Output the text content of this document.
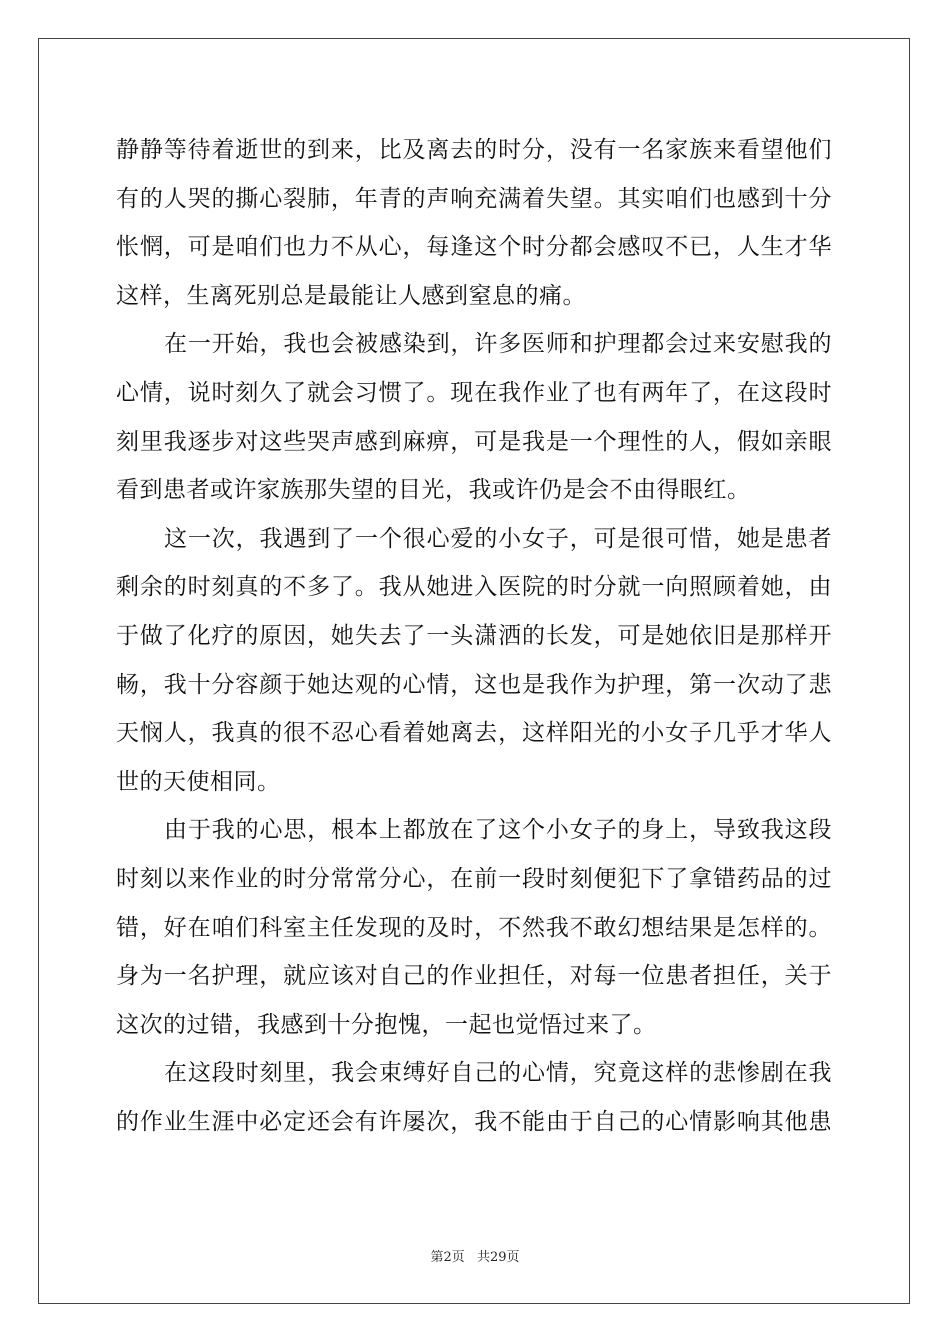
静静等待着逝世的到来，比及离去的时分，没有一名家族来看望他们
有的人哭的撕心裂肺，年青的声响充满着失望。其实咱们也感到十分
怅惘，可是咱们也力不从心，每逢这个时分都会感叹不已，人生才华
这样，生离死别总是最能让人感到窒息的痛。
在一开始，我也会被感染到，许多医师和护理都会过来安慰我的
心情，说时刻久了就会习惯了。现在我作业了也有两年了，在这段时
刻里我逐步对这些哭声感到麻痹，可是我是一个理性的人，假如亲眼
看到患者或许家族那失望的目光，我或许仍是会不由得眼红。
这一次，我遇到了一个很心爱的小女子，可是很可惜，她是患者
剩余的时刻真的不多了。我从她进入医院的时分就一向照顾着她，由
于做了化疗的原因，她失去了一头潇洒的长发，可是她依旧是那样开
畅，我十分容颜于她达观的心情，这也是我作为护理，第一次动了悲
天悯人，我真的很不忍心看着她离去，这样阳光的小女子几乎才华人
世的天使相同。
由于我的心思，根本上都放在了这个小女子的身上，导致我这段
时刻以来作业的时分常常分心，在前一段时刻便犯下了拿错药品的过
错，好在咱们科室主任发现的及时，不然我不敢幻想结果是怎样的。
身为一名护理，就应该对自己的作业担任，对每一位患者担任，关于
这次的过错，我感到十分抱愧，一起也觉悟过来了。
在这段时刻里，我会束缚好自己的心情，究竟这样的悲惨剧在我
的作业生涯中必定还会有许屡次，我不能由于自己的心情影响其他患
第2页 共29页
